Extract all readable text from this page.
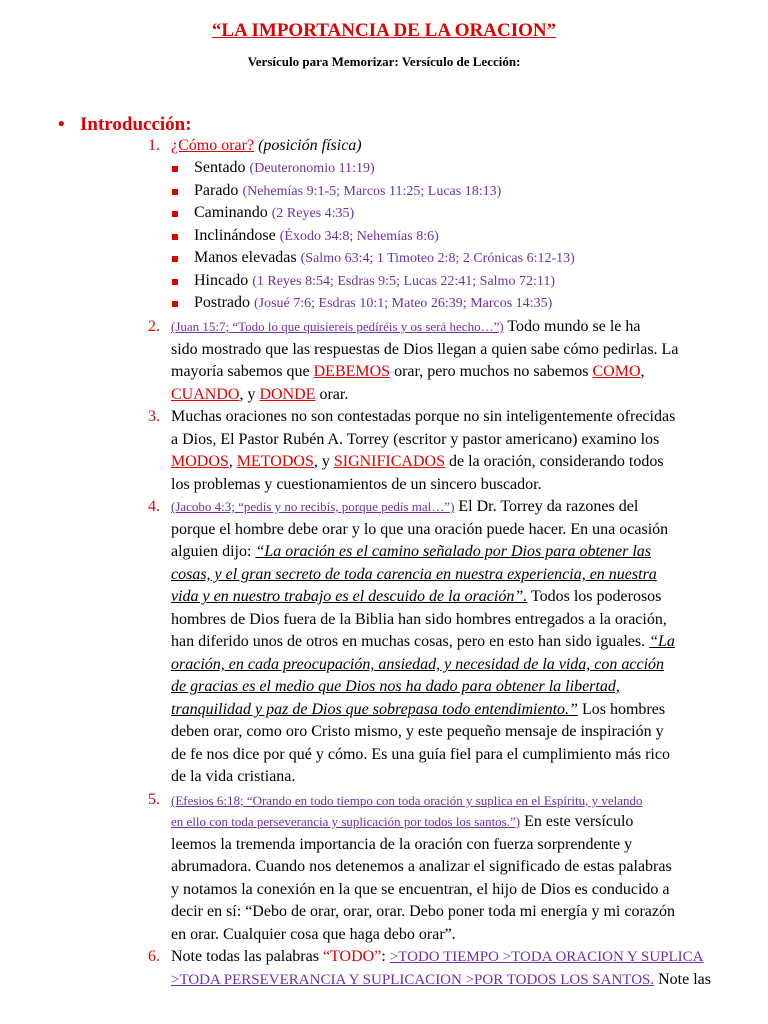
“LA IMPORTANCIA DE LA ORACION”
Versículo para Memorizar: Versículo de Lección:
• Introducción:
1. ¿Cómo orar? (posición física)
Sentado (Deuteronomio 11:19)
Parado (Nehemías 9:1-5; Marcos 11:25; Lucas 18:13)
Caminando (2 Reyes 4:35)
Inclinándose (Éxodo 34:8; Nehemías 8:6)
Manos elevadas (Salmo 63:4; 1 Timoteo 2:8; 2 Crónicas 6:12-13)
Hincado (1 Reyes 8:54; Esdras 9:5; Lucas 22:41; Salmo 72:11)
Postrado (Josué 7:6; Esdras 10:1; Mateo 26:39; Marcos 14:35)
2. (Juan 15:7; “Todo lo que quisiereis pedíréis y os será hecho…”) Todo mundo se le ha
sido mostrado que las respuestas de Dios llegan a quien sabe cómo pedirlas. La
mayoría sabemos que DEBEMOS orar, pero muchos no sabemos COMO,
CUANDO, y DONDE orar.
3. Muchas oraciones no son contestadas porque no sin inteligentemente ofrecidas
a Dios, El Pastor Rubén A. Torrey (escritor y pastor americano) examino los
MODOS, METODOS, y SIGNIFICADOS de la oración, considerando todos
los problemas y cuestionamientos de un sincero buscador.
4. (Jacobo 4:3; “pedís y no recibís, porque pedís mal…”) El Dr. Torrey da razones del
porque el hombre debe orar y lo que una oración puede hacer. En una ocasión
alguien dijo: “La oración es el camino señalado por Dios para obtener las
cosas, y el gran secreto de toda carencia en nuestra experiencia, en nuestra
vida y en nuestro trabajo es el descuido de la oración”. Todos los poderosos
hombres de Dios fuera de la Biblia han sido hombres entregados a la oración,
han diferido unos de otros en muchas cosas, pero en esto han sido iguales. “La
oración, en cada preocupación, ansiedad, y necesidad de la vida, con acción
de gracias es el medio que Dios nos ha dado para obtener la libertad,
tranquilidad y paz de Dios que sobrepasa todo entendimiento.” Los hombres
deben orar, como oro Cristo mismo, y este pequeño mensaje de inspiración y
de fe nos dice por qué y cómo. Es una guía fiel para el cumplimiento más rico
de la vida cristiana.
5. (Efesios 6:18; “Orando en todo tiempo con toda oración y suplica en el Espíritu, y velando
en ello con toda perseverancia y suplicación por todos los santos.”) En este versículo
leemos la tremenda importancia de la oración con fuerza sorprendente y
abrumadora. Cuando nos detenemos a analizar el significado de estas palabras
y notamos la conexión en la que se encuentran, el hijo de Dios es conducido a
decir en sí: “Debo de orar, orar, orar. Debo poner toda mi energía y mi corazón
en orar. Cualquier cosa que haga debo orar”.
6. Note todas las palabras “TODO”: >TODO TIEMPO >TODA ORACION Y SUPLICA
>TODA PERSEVERANCIA Y SUPLICACION >POR TODOS LOS SANTOS. Note las
